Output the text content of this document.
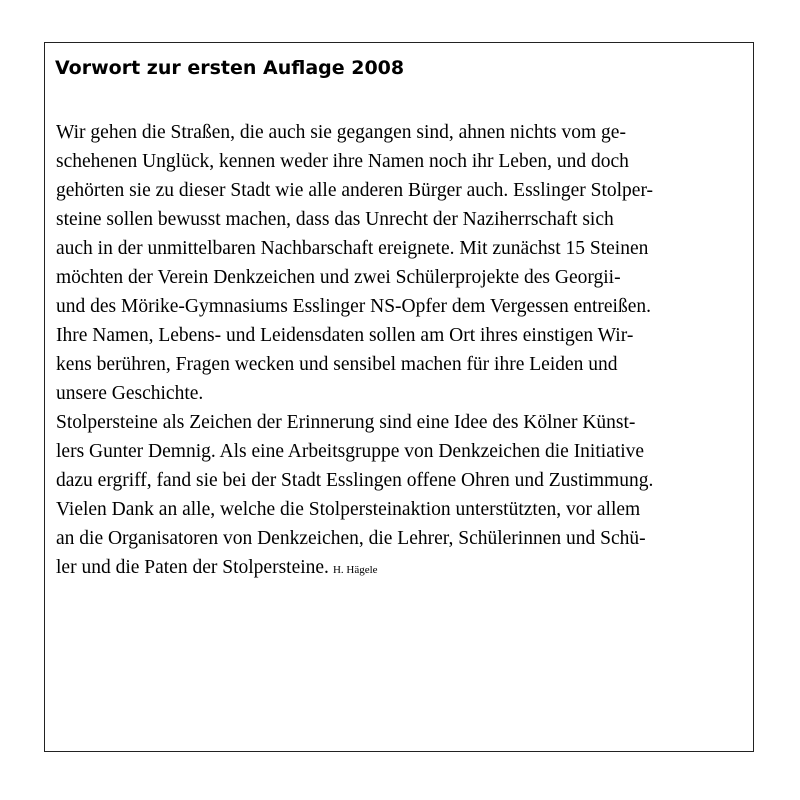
Vorwort zur ersten Auflage 2008
Wir gehen die Straßen, die auch sie gegangen sind, ahnen nichts vom ge-
schehenen Unglück, kennen weder ihre Namen noch ihr Leben, und doch
gehörten sie zu dieser Stadt wie alle anderen Bürger auch. Esslinger Stolper-
steine sollen bewusst machen, dass das Unrecht der Naziherrschaft sich
auch in der unmittelbaren Nachbarschaft ereignete. Mit zunächst 15 Steinen
möchten der Verein Denkzeichen und zwei Schülerprojekte des Georgii-
und des Mörike-Gymnasiums Esslinger NS-Opfer dem Vergessen entreißen.
Ihre Namen, Lebens- und Leidensdaten sollen am Ort ihres einstigen Wir-
kens berühren, Fragen wecken und sensibel machen für ihre Leiden und
unsere Geschichte.
Stolpersteine als Zeichen der Erinnerung sind eine Idee des Kölner Künst-
lers Gunter Demnig. Als eine Arbeitsgruppe von Denkzeichen die Initiative
dazu ergriff, fand sie bei der Stadt Esslingen offene Ohren und Zustimmung.
Vielen Dank an alle, welche die Stolpersteinaktion unterstützten, vor allem
an die Organisatoren von Denkzeichen, die Lehrer, Schülerinnen und Schü-
ler und die Paten der Stolpersteine. H. Hägele
